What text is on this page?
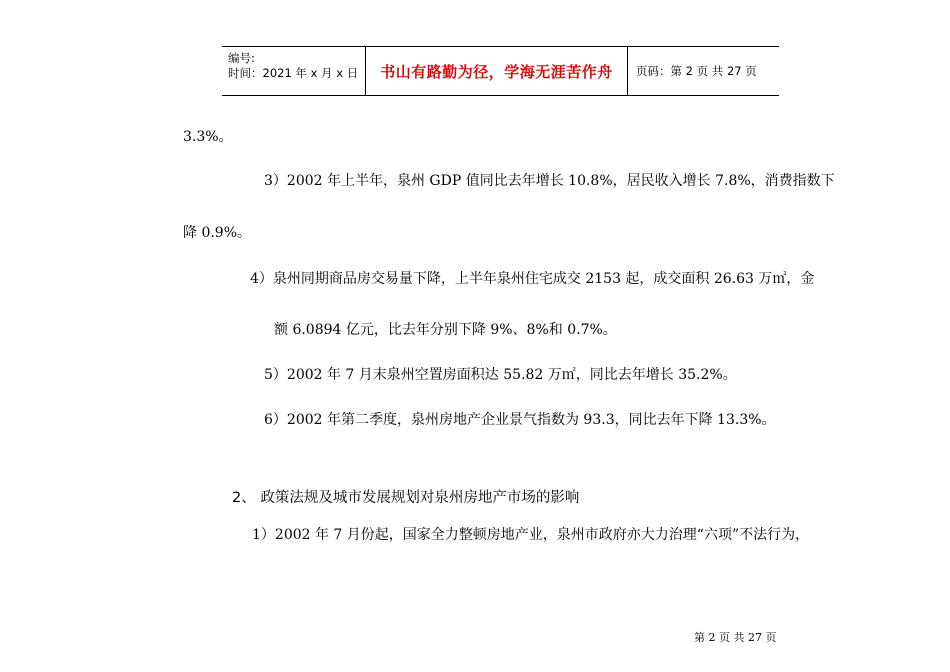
编号:
时间：2021 年 x 月 x 日	书山有路勤为径，学海无涯苦作舟	页码：第 2 页 共 27 页
3.3%。
3）2002 年上半年，泉州 GDP 值同比去年增长 10.8%，居民收入增长 7.8%，消费指数下
降 0.9%。
4）泉州同期商品房交易量下降，上半年泉州住宅成交 2153 起，成交面积 26.63 万㎡，金
额 6.0894 亿元，比去年分别下降 9%、8%和 0.7%。
5）2002 年 7 月末泉州空置房面积达 55.82 万㎡，同比去年增长 35.2%。
6）2002 年第二季度，泉州房地产企业景气指数为 93.3，同比去年下降 13.3%。
2、 政策法规及城市发展规划对泉州房地产市场的影响
1）2002 年 7 月份起，国家全力整顿房地产业，泉州市政府亦大力治理“六项”不法行为，
第 2 页 共 27 页
